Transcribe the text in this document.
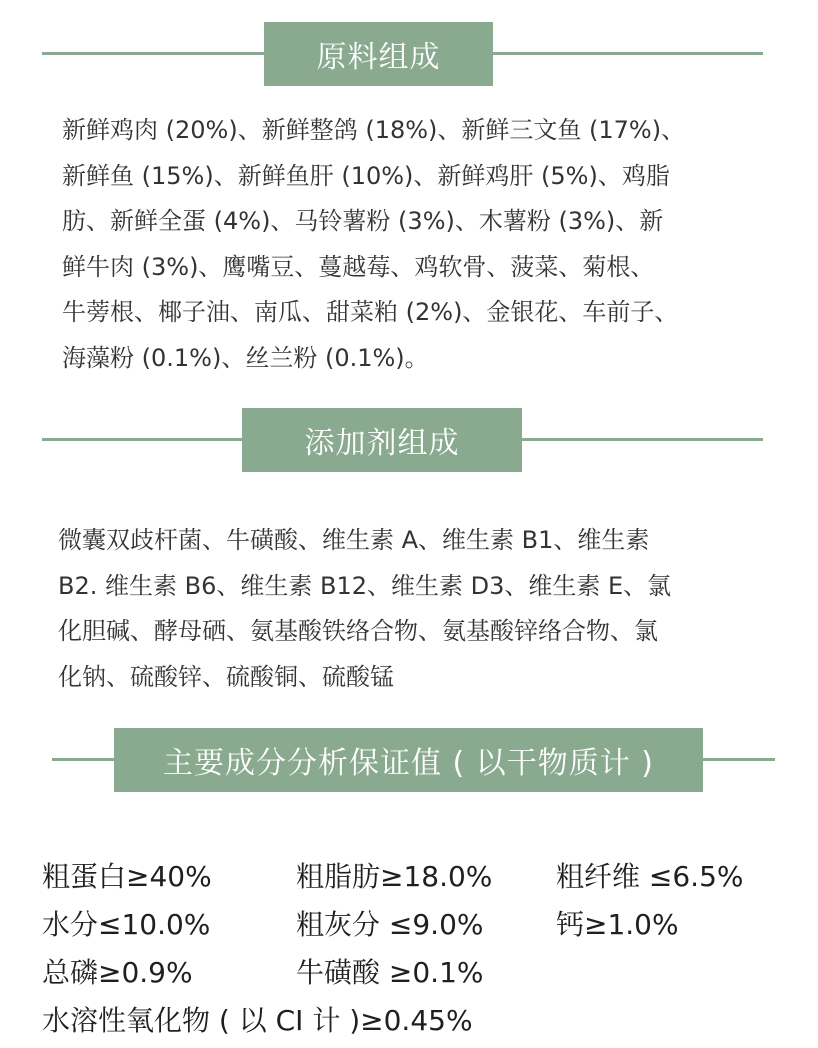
原料组成
新鲜鸡肉 (20%)、新鲜整鸽 (18%)、新鲜三文鱼 (17%)、
新鲜鱼 (15%)、新鲜鱼肝 (10%)、新鲜鸡肝 (5%)、鸡脂
肪、新鲜全蛋 (4%)、马铃薯粉 (3%)、木薯粉 (3%)、新
鲜牛肉 (3%)、鹰嘴豆、蔓越莓、鸡软骨、菠菜、菊根、
牛蒡根、椰子油、南瓜、甜菜粕 (2%)、金银花、车前子、
海藻粉 (0.1%)、丝兰粉 (0.1%)。
添加剂组成
微囊双歧杆菌、牛磺酸、维生素 A、维生素 B1、维生素
B2. 维生素 B6、维生素 B12、维生素 D3、维生素 E、氯
化胆碱、酵母硒、氨基酸铁络合物、氨基酸锌络合物、氯
化钠、硫酸锌、硫酸铜、硫酸锰
主要成分分析保证值 ( 以干物质计 )
粗蛋白≥40%	粗脂肪≥18.0% 粗纤维 ≤6.5%
水分≤10.0%	粗灰分 ≤9.0%	钙≥1.0%
总磷≥0.9%	牛磺酸 ≥0.1%
水溶性氧化物 ( 以 CI 计 )≥0.45%
